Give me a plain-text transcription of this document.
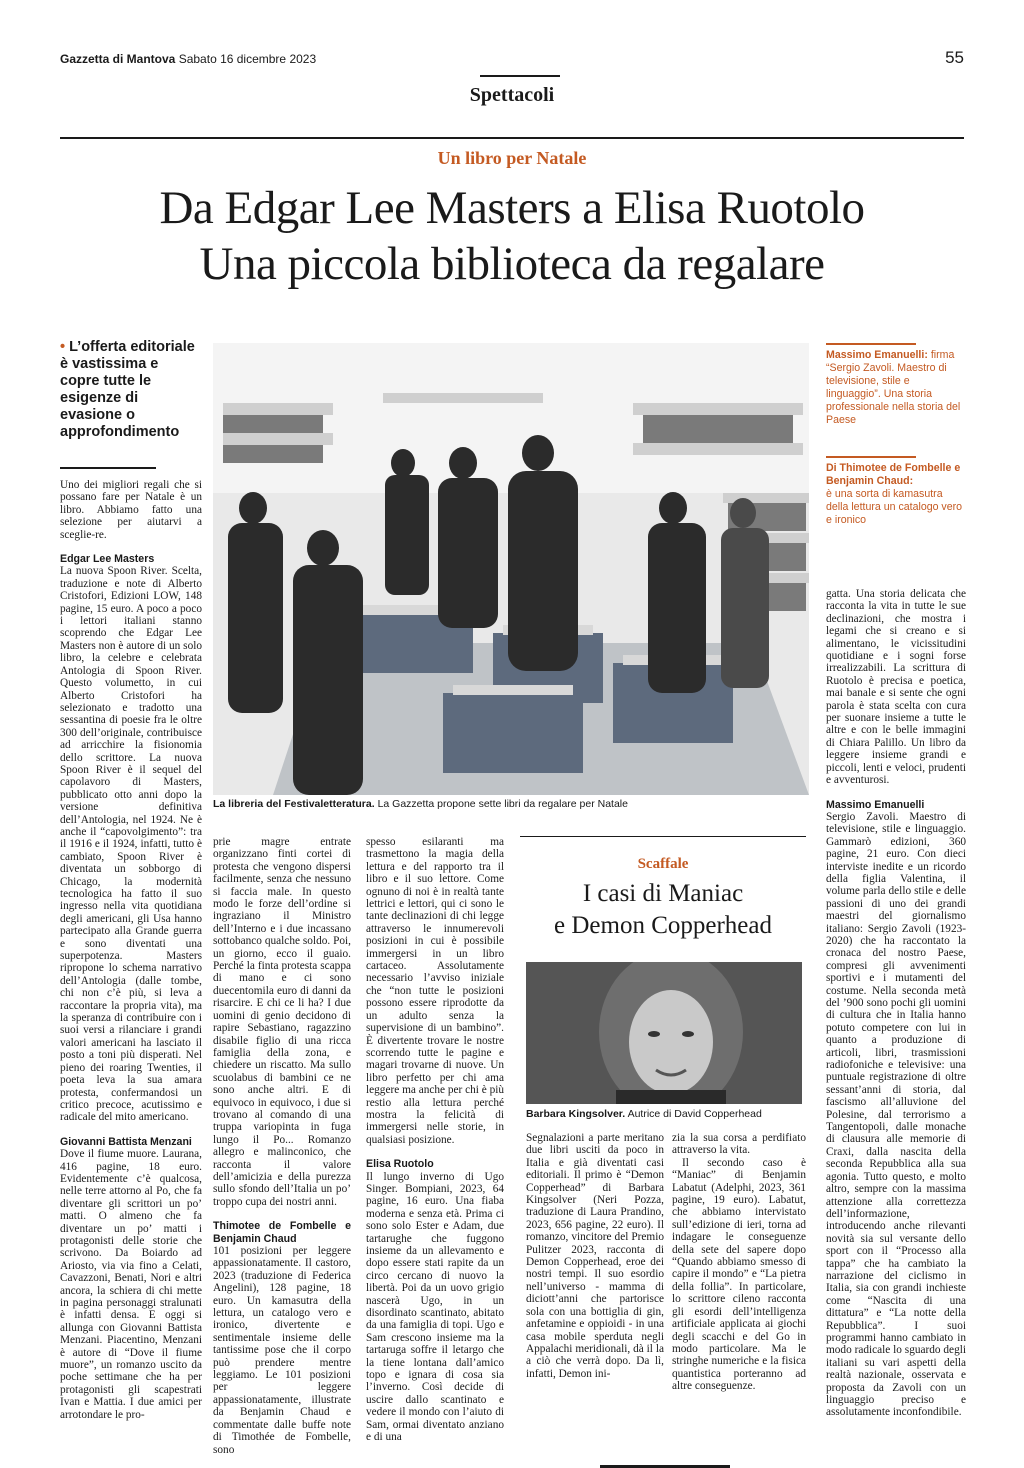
Gazzetta di Mantova Sabato 16 dicembre 2023	55
Spettacoli
Un libro per Natale
Da Edgar Lee Masters a Elisa Ruotolo
Una piccola biblioteca da regalare
• L’offerta editoriale è vastissima e copre tutte le esigenze di evasione o approfondimento

Uno dei migliori regali che si possano fare per Natale è un libro. Abbiamo fatto una selezione per aiutarvi a sceglie-re.

Edgar Lee Masters

La nuova Spoon River. Scelta, traduzione e note di Alberto Cristofori, Edizioni LOW, 148 pagine, 15 euro. A poco a poco i lettori italiani stanno scoprendo che Edgar Lee Masters non è autore di un solo libro, la celebre e celebrata Antologia di Spoon River. Questo volumetto, in cui Alberto Cristofori ha selezionato e tradotto una sessantina di poesie fra le oltre 300 dell’originale, contribuisce ad arricchire la fisionomia dello scrittore. La nuova Spoon River è il sequel del capolavoro di Masters, pubblicato otto anni dopo la versione definitiva dell’Antologia, nel 1924. Ne è anche il “capovolgimento”: tra il 1916 e il 1924, infatti, tutto è cambiato, Spoon River è diventata un sobborgo di Chicago, la modernità tecnologica ha fatto il suo ingresso nella vita quotidiana degli americani, gli Usa hanno partecipato alla Grande guerra e sono diventati una superpotenza. Masters ripropone lo schema narrativo dell’Antologia (dalle tombe, chi non c’è più, si leva a raccontare la propria vita), ma la speranza di contribuire con i suoi versi a rilanciare i grandi valori americani ha lasciato il posto a toni più disperati. Nel pieno dei roaring Twenties, il poeta leva la sua amara protesta, confermandosi un critico precoce, acutissimo e radicale del mito americano.

Giovanni Battista Menzani

Dove il fiume muore. Laurana, 416 pagine, 18 euro. Evidentemente c’è qualcosa, nelle terre attorno al Po, che fa diventare gli scrittori un po’ matti. O almeno che fa diventare un po’ matti i protagonisti delle storie che scrivono. Da Boiardo ad Ariosto, via via fino a Celati, Cavazzoni, Benati, Nori e altri ancora, la schiera di chi mette in pagina personaggi stralunati è infatti densa. E oggi si allunga con Giovanni Battista Menzani. Piacentino, Menzani è autore di “Dove il fiume muore”, un romanzo uscito da poche settimane che ha per protagonisti gli scapestrati Ivan e Mattia. I due amici per arrotondare le pro-

La libreria del Festivaletteratura. La Gazzetta propone sette libri da regalare per Natale
Massimo Emanuelli: firma “Sergio Zavoli. Maestro di televisione, stile e linguaggio”. Una storia professionale nella storia del Paese
Di Thimotee de Fombelle e Benjamin Chaud:
è una sorta di kamasutra della lettura un catalogo vero e ironico

prie magre entrate organizzano finti cortei di protesta che vengono dispersi facilmente, senza che nessuno si faccia male. In questo modo le forze dell’ordine si ingraziano il Ministro dell’Interno e i due incassano sottobanco qualche soldo. Poi, un giorno, ecco il guaio. Perché la finta protesta scappa di mano e ci sono duecentomila euro di danni da risarcire. E chi ce li ha? I due uomini di genio decidono di rapire Sebastiano, ragazzino disabile figlio di una ricca famiglia della zona, e chiedere un riscatto. Ma sullo scuolabus di bambini ce ne sono anche altri. E di equivoco in equivoco, i due si trovano al comando di una truppa variopinta in fuga lungo il Po... Romanzo allegro e malinconico, che racconta il valore dell’amicizia e della purezza sullo sfondo dell’Italia un po’ troppo cupa dei nostri anni.

Thimotee de Fombelle e Benjamin Chaud

101 posizioni per leggere appassionatamente. Il castoro, 2023 (traduzione di Federica Angelini), 128 pagine, 18 euro. Un kamasutra della lettura, un catalogo vero e ironico, divertente e sentimentale insieme delle tantissime pose che il corpo può prendere mentre leggiamo. Le 101 posizioni per leggere appassionatamente, illustrate da Benjamin Chaud e commentate dalle buffe note di Timothée de Fombelle, sono

spesso esilaranti ma trasmettono la magia della lettura e del rapporto tra il libro e il suo lettore. Come ognuno di noi è in realtà tante lettrici e lettori, qui ci sono le tante declinazioni di chi legge attraverso le innumerevoli posizioni in cui è possibile immergersi in un libro cartaceo. Assolutamente necessario l’avviso iniziale che “non tutte le posizioni possono essere riprodotte da un adulto senza la supervisione di un bambino”. È divertente trovare le nostre scorrendo tutte le pagine e magari trovarne di nuove. Un libro perfetto per chi ama leggere ma anche per chi è più restio alla lettura perché mostra la felicità di immergersi nelle storie, in qualsiasi posizione.

Elisa Ruotolo

Il lungo inverno di Ugo Singer. Bompiani, 2023, 64 pagine, 16 euro. Una fiaba moderna e senza età. Prima ci sono solo Ester e Adam, due tartarughe che fuggono insieme da un allevamento e dopo essere stati rapite da un circo cercano di nuovo la libertà. Poi da un uovo grigio nascerà Ugo, in un disordinato scantinato, abitato da una famiglia di topi. Ugo e Sam crescono insieme ma la tartaruga soffre il letargo che la tiene lontana dall’amico topo e ignara di cosa sia l’inverno. Così decide di uscire dallo scantinato e vedere il mondo con l’aiuto di Sam, ormai diventato anziano e di una

Scaffale
I casi di Maniac
e Demon Copperhead
Barbara Kingsolver. Autrice di David Copperhead

Segnalazioni a parte meritano due libri usciti da poco in Italia e già diventati casi editoriali. Il primo è “Demon Copperhead” di Barbara Kingsolver (Neri Pozza, traduzione di Laura Prandino, 2023, 656 pagine, 22 euro). Il romanzo, vincitore del Premio Pulitzer 2023, racconta di Demon Copperhead, eroe dei nostri tempi. Il suo esordio nell’universo - mamma di diciott’anni che partorisce sola con una bottiglia di gin, anfetamine e oppioidi - in una casa mobile sperduta negli Appalachi meridionali, dà il la a ciò che verrà dopo. Da lì, infatti, Demon ini-

zia la sua corsa a perdifiato attraverso la vita.

Il secondo caso è “Maniac” di Benjamin Labatut (Adelphi, 2023, 361 pagine, 19 euro). Labatut, che abbiamo intervistato sull’edizione di ieri, torna ad indagare le conseguenze della sete del sapere dopo “Quando abbiamo smesso di capire il mondo” e “La pietra della follia”. In particolare, lo scrittore cileno racconta gli esordi dell’intelligenza artificiale applicata ai giochi degli scacchi e del Go in modo particolare. Ma le stringhe numeriche e la fisica quantistica porteranno ad altre conseguenze.

gatta. Una storia delicata che racconta la vita in tutte le sue declinazioni, che mostra i legami che si creano e si alimentano, le vicissitudini quotidiane e i sogni forse irrealizzabili. La scrittura di Ruotolo è precisa e poetica, mai banale e si sente che ogni parola è stata scelta con cura per suonare insieme a tutte le altre e con le belle immagini di Chiara Palillo. Un libro da leggere insieme grandi e piccoli, lenti e veloci, prudenti e avventurosi.

Massimo Emanuelli

Sergio Zavoli. Maestro di televisione, stile e linguaggio. Gammarò edizioni, 360 pagine, 21 euro. Con dieci interviste inedite e un ricordo della figlia Valentina, il volume parla dello stile e delle passioni di uno dei grandi maestri del giornalismo italiano: Sergio Zavoli (1923-2020) che ha raccontato la cronaca del nostro Paese, compresi gli avvenimenti sportivi e i mutamenti del costume. Nella seconda metà del ’900 sono pochi gli uomini di cultura che in Italia hanno potuto competere con lui in quanto a produzione di articoli, libri, trasmissioni radiofoniche e televisive: una puntuale registrazione di oltre sessant’anni di storia, dal fascismo all’alluvione del Polesine, dal terrorismo a Tangentopoli, dalle monache di clausura alle memorie di Craxi, dalla nascita della seconda Repubblica alla sua agonia. Tutto questo, e molto altro, sempre con la massima attenzione alla correttezza dell’informazione, introducendo anche rilevanti novità sia sul versante dello sport con il “Processo alla tappa” che ha cambiato la narrazione del ciclismo in Italia, sia con grandi inchieste come “Nascita di una dittatura” e “La notte della Repubblica”. I suoi programmi hanno cambiato in modo radicale lo sguardo degli italiani su vari aspetti della realtà nazionale, osservata e proposta da Zavoli con un linguaggio preciso e assolutamente inconfondibile.
